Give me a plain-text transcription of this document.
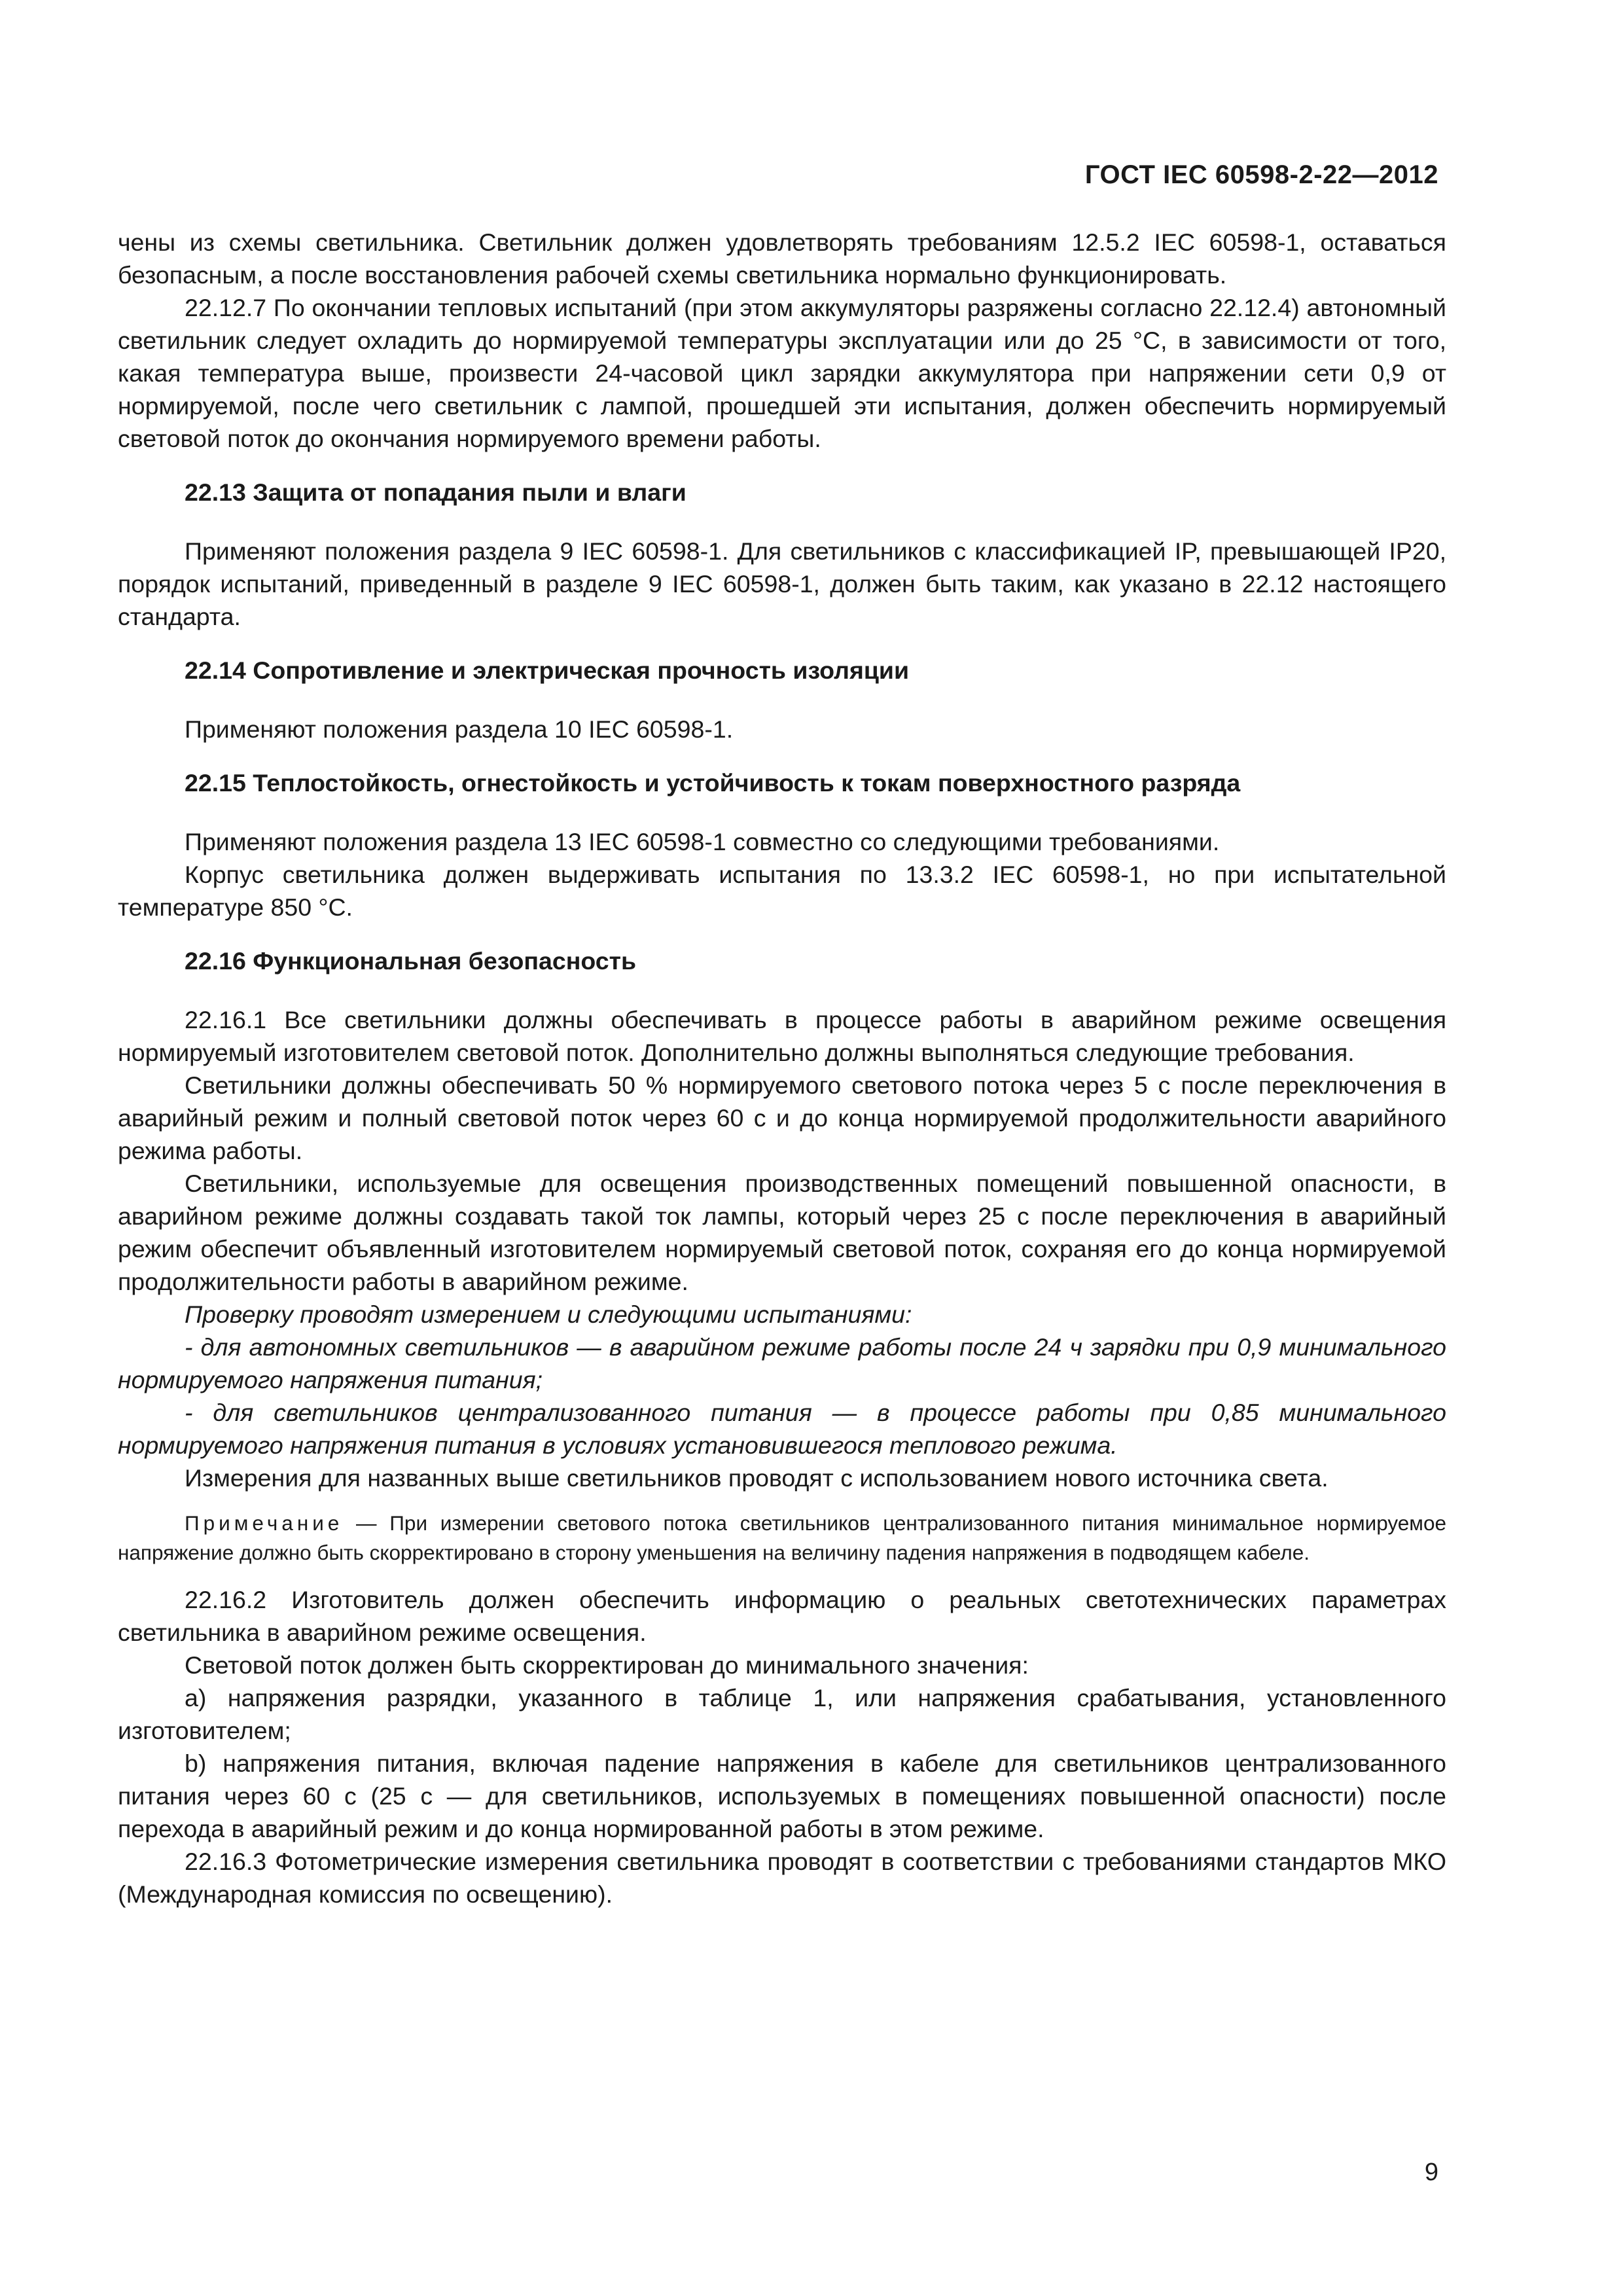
ГОСТ IEC 60598-2-22—2012

чены из схемы светильника. Светильник должен удовлетворять требованиям 12.5.2 IEC 60598-1, оставаться безопасным, а после восстановления рабочей схемы светильника нормально функционировать.

22.12.7 По окончании тепловых испытаний (при этом аккумуляторы разряжены согласно 22.12.4) автономный светильник следует охладить до нормируемой температуры эксплуатации или до 25 °С, в зависимости от того, какая температура выше, произвести 24-часовой цикл зарядки аккумулятора при напряжении сети 0,9 от нормируемой, после чего светильник с лампой, прошедшей эти испытания, должен обеспечить нормируемый световой поток до окончания нормируемого времени работы.

22.13 Защита от попадания пыли и влаги

Применяют положения раздела 9 IEC 60598-1. Для светильников с классификацией IP, превышающей IP20, порядок испытаний, приведенный в разделе 9 IEC 60598-1, должен быть таким, как указано в 22.12 настоящего стандарта.

22.14 Сопротивление и электрическая прочность изоляции

Применяют положения раздела 10 IEC 60598-1.

22.15 Теплостойкость, огнестойкость и устойчивость к токам поверхностного разряда

Применяют положения раздела 13 IEC 60598-1 совместно со следующими требованиями.

Корпус светильника должен выдерживать испытания по 13.3.2 IEC 60598-1, но при испытательной температуре 850 °С.

22.16 Функциональная безопасность

22.16.1 Все светильники должны обеспечивать в процессе работы в аварийном режиме освещения нормируемый изготовителем световой поток. Дополнительно должны выполняться следующие требования.

Светильники должны обеспечивать 50 % нормируемого светового потока через 5 с после переключения в аварийный режим и полный световой поток через 60 с и до конца нормируемой продолжительности аварийного режима работы.

Светильники, используемые для освещения производственных помещений повышенной опасности, в аварийном режиме должны создавать такой ток лампы, который через 25 с после переключения в аварийный режим обеспечит объявленный изготовителем нормируемый световой поток, сохраняя его до конца нормируемой продолжительности работы в аварийном режиме.

Проверку проводят измерением и следующими испытаниями:

- для автономных светильников — в аварийном режиме работы после 24 ч зарядки при 0,9 минимального нормируемого напряжения питания;

- для светильников централизованного питания — в процессе работы при 0,85 минимального нормируемого напряжения питания в условиях установившегося теплового режима.

Измерения для названных выше светильников проводят с использованием нового источника света.

Примечание — При измерении светового потока светильников централизованного питания минимальное нормируемое напряжение должно быть скорректировано в сторону уменьшения на величину падения напряжения в подводящем кабеле.

22.16.2 Изготовитель должен обеспечить информацию о реальных светотехнических параметрах светильника в аварийном режиме освещения.

Световой поток должен быть скорректирован до минимального значения:

a) напряжения разрядки, указанного в таблице 1, или напряжения срабатывания, установленного изготовителем;

b) напряжения питания, включая падение напряжения в кабеле для светильников централизованного питания через 60 с (25 с — для светильников, используемых в помещениях повышенной опасности) после перехода в аварийный режим и до конца нормированной работы в этом режиме.

22.16.3 Фотометрические измерения светильника проводят в соответствии с требованиями стандартов МКО (Международная комиссия по освещению).

9
